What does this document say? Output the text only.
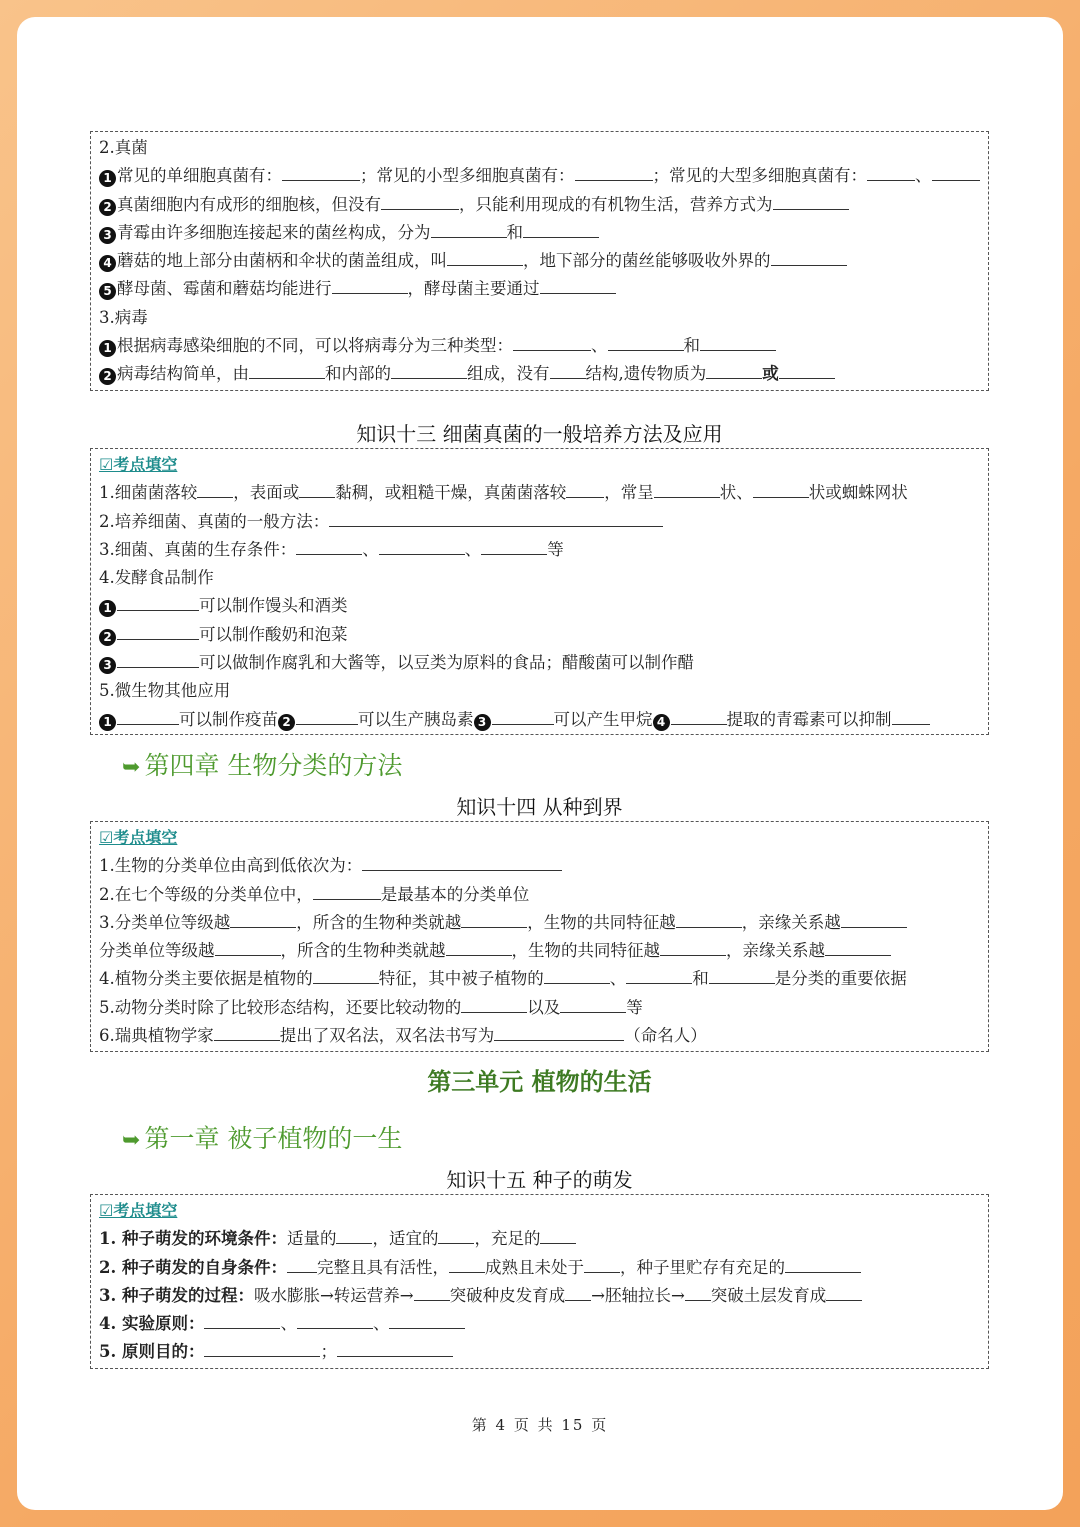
2.真菌
1 常见的单细胞真菌有：	；常见的小型多细胞真菌有：	；常见的大型多细胞真菌有：	、
2 真菌细胞内有成形的细胞核，但没有	，只能利用现成的有机物生活，营养方式为
3 青霉由许多细胞连接起来的菌丝构成，分为	和
4 蘑菇的地上部分由菌柄和伞状的菌盖组成，叫	，地下部分的菌丝能够吸收外界的
5 酵母菌、霉菌和蘑菇均能进行	，酵母菌主要通过
3.病毒
1 根据病毒感染细胞的不同，可以将病毒分为三种类型：	、	和
2 病毒结构简单，由	和内部的	组成，没有 结构,遗传物质为	或
知识十三 细菌真菌的一般培养方法及应用
☑考点填空
1.细菌菌落较 ，表面或 黏稠，或粗糙干燥，真菌菌落较 ，常呈	状、	状或蜘蛛网状
2.培养细菌、真菌的一般方法：
3.细菌、真菌的生存条件：	、	、	等
4.发酵食品制作
1	可以制作馒头和酒类
2	可以制作酸奶和泡菜
3	可以做制作腐乳和大酱等，以豆类为原料的食品；醋酸菌可以制作醋
5.微生物其他应用
1	可以制作疫苗 2	可以生产胰岛素 3	可以产生甲烷 4	提取的青霉素可以抑制
➥ 第四章 生物分类的方法
知识十四 从种到界
☑考点填空
1.生物的分类单位由高到低依次为：
2.在七个等级的分类单位中，	是最基本的分类单位
3.分类单位等级越	，所含的生物种类就越	，生物的共同特征越	，亲缘关系越
分类单位等级越	，所含的生物种类就越	，生物的共同特征越	，亲缘关系越
4.植物分类主要依据是植物的	特征，其中被子植物的	、	和	是分类的重要依据
5.动物分类时除了比较形态结构，还要比较动物的	以及	等
6.瑞典植物学家	提出了双名法，双名法书写为	（命名人）
第三单元 植物的生活
➥ 第一章 被子植物的一生
知识十五 种子的萌发
☑考点填空
1. 种子萌发的环境条件：适量的 ，适宜的 ，充足的
2. 种子萌发的自身条件： 完整且具有活性， 成熟且未处于 ，种子里贮存有充足的
3. 种子萌发的过程：吸水膨胀→转运营养→ 突破种皮发育成 →胚轴拉长→ 突破土层发育成
4. 实验原则：	、	、
5. 原则目的：	；
第 4 页 共 15 页
